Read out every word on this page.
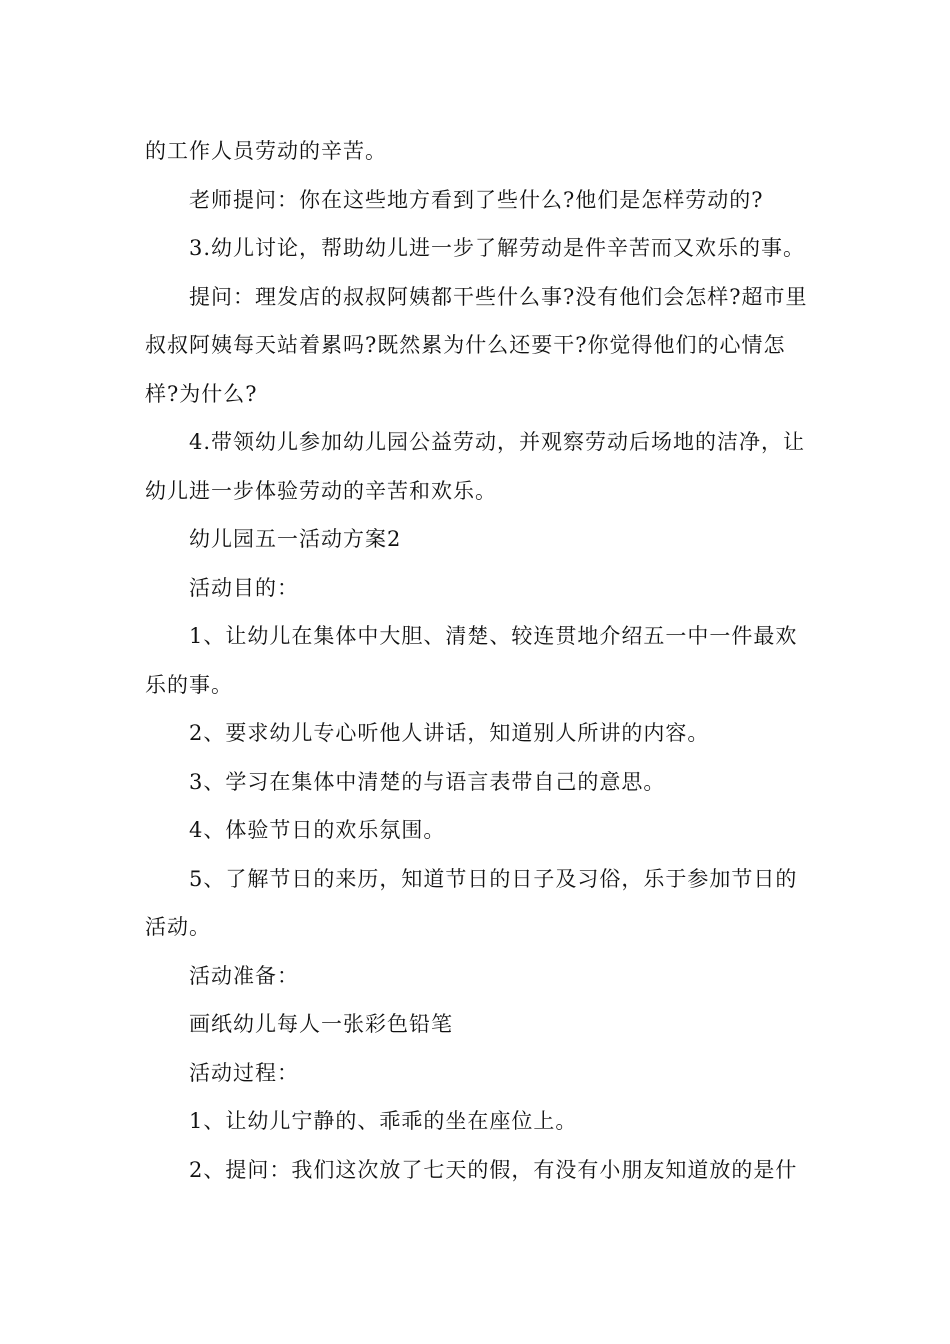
的工作人员劳动的辛苦。

老师提问：你在这些地方看到了些什么?他们是怎样劳动的?

3.幼儿讨论，帮助幼儿进一步了解劳动是件辛苦而又欢乐的事。

提问：理发店的叔叔阿姨都干些什么事?没有他们会怎样?超市里叔叔阿姨每天站着累吗?既然累为什么还要干?你觉得他们的心情怎样?为什么?

4.带领幼儿参加幼儿园公益劳动，并观察劳动后场地的洁净，让幼儿进一步体验劳动的辛苦和欢乐。

幼儿园五一活动方案2

活动目的：

1、让幼儿在集体中大胆、清楚、较连贯地介绍五一中一件最欢乐的事。

2、要求幼儿专心听他人讲话，知道别人所讲的内容。

3、学习在集体中清楚的与语言表带自己的意思。

4、体验节日的欢乐氛围。

5、了解节日的来历，知道节日的日子及习俗，乐于参加节日的活动。

活动准备：

画纸幼儿每人一张彩色铅笔

活动过程：

1、让幼儿宁静的、乖乖的坐在座位上。

2、提问：我们这次放了七天的假，有没有小朋友知道放的是什
